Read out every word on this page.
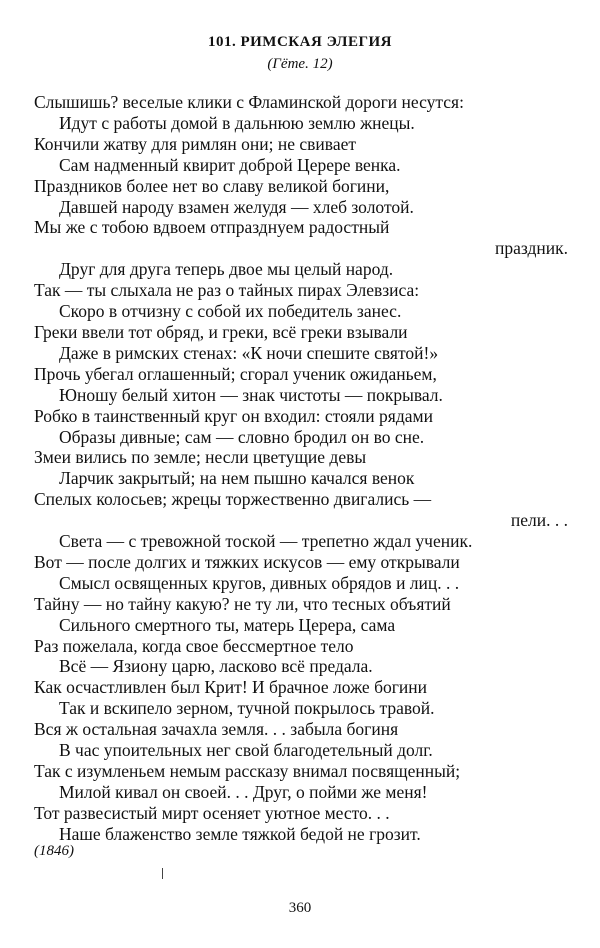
101. РИМСКАЯ ЭЛЕГИЯ
(Гёте. 12)
Слышишь? веселые клики с Фламинской дороги несутся:
Идут с работы домой в дальнюю землю жнецы.
Кончили жатву для римлян они; не свивает
Сам надменный квирит доброй Церере венка.
Праздников более нет во славу великой богини,
Давшей народу взамен желудя — хлеб золотой.
Мы же с тобою вдвоем отпразднуем радостный
праздник.
Друг для друга теперь двое мы целый народ.
Так — ты слыхала не раз о тайных пирах Элевзиса:
Скоро в отчизну с собой их победитель занес.
Греки ввели тот обряд, и греки, всё греки взывали
Даже в римских стенах: «К ночи спешите святой!»
Прочь убегал оглашенный; сгорал ученик ожиданьем,
Юношу белый хитон — знак чистоты — покрывал.
Робко в таинственный круг он входил: стояли рядами
Образы дивные; сам — словно бродил он во сне.
Змеи вились по земле; несли цветущие девы
Ларчик закрытый; на нем пышно качался венок
Спелых колосьев; жрецы торжественно двигались —
пели. . .
Света — с тревожной тоской — трепетно ждал ученик.
Вот — после долгих и тяжких искусов — ему открывали
Смысл освященных кругов, дивных обрядов и лиц. . .
Тайну — но тайну какую? не ту ли, что тесных объятий
Сильного смертного ты, матерь Церера, сама
Раз пожелала, когда свое бессмертное тело
Всё — Язиону царю, ласково всё предала.
Как осчастливлен был Крит! И брачное ложе богини
Так и вскипело зерном, тучной покрылось травой.
Вся ж остальная зачахла земля. . . забыла богиня
В час упоительных нег свой благодетельный долг.
Так с изумленьем немым рассказу внимал посвященный;
Милой кивал он своей. . . Друг, о пойми же меня!
Тот развесистый мирт осеняет уютное место. . .
Наше блаженство земле тяжкой бедой не грозит.
(1846)
360
